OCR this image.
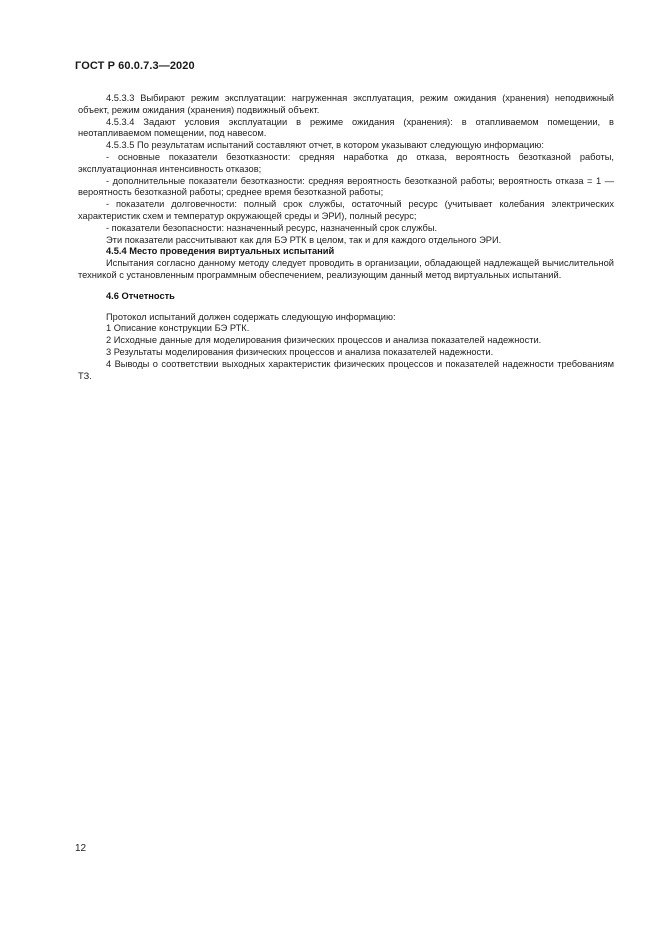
ГОСТ Р 60.0.7.3—2020

4.5.3.3 Выбирают режим эксплуатации: нагруженная эксплуатация, режим ожидания (хранения) неподвижный объект, режим ожидания (хранения) подвижный объект.

4.5.3.4 Задают условия эксплуатации в режиме ожидания (хранения): в отапливаемом помещении, в неотапливаемом помещении, под навесом.

4.5.3.5 По результатам испытаний составляют отчет, в котором указывают следующую информацию:

- основные показатели безотказности: средняя наработка до отказа, вероятность безотказной работы, эксплуатационная интенсивность отказов;

- дополнительные показатели безотказности: средняя вероятность безотказной работы; вероятность отказа = 1 — вероятность безотказной работы; среднее время безотказной работы;

- показатели долговечности: полный срок службы, остаточный ресурс (учитывает колебания электрических характеристик схем и температур окружающей среды и ЭРИ), полный ресурс;

- показатели безопасности: назначенный ресурс, назначенный срок службы.

Эти показатели рассчитывают как для БЭ РТК в целом, так и для каждого отдельного ЭРИ.

4.5.4 Место проведения виртуальных испытаний

Испытания согласно данному методу следует проводить в организации, обладающей надлежащей вычислительной техникой с установленным программным обеспечением, реализующим данный метод виртуальных испытаний.

4.6 Отчетность

Протокол испытаний должен содержать следующую информацию:

1 Описание конструкции БЭ РТК.

2 Исходные данные для моделирования физических процессов и анализа показателей надежности.

3 Результаты моделирования физических процессов и анализа показателей надежности.

4 Выводы о соответствии выходных характеристик физических процессов и показателей надежности требованиям ТЗ.

12
